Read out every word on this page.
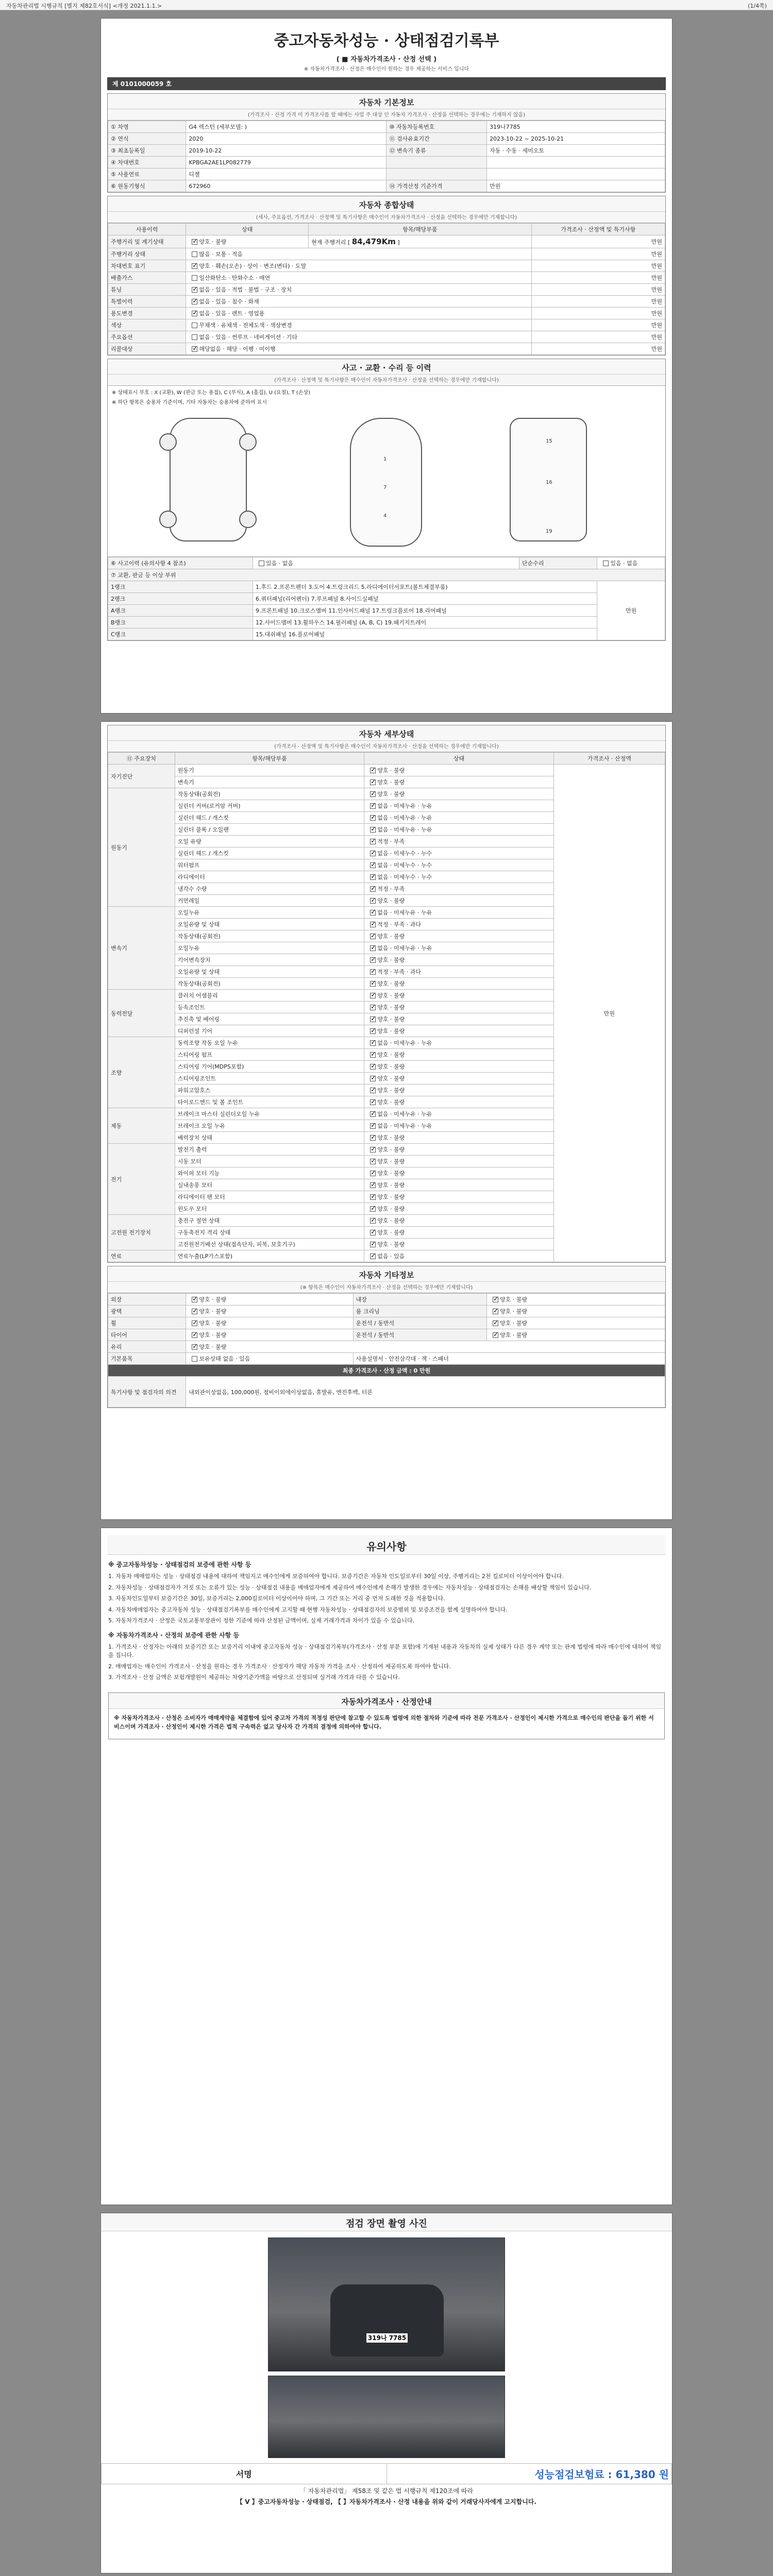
자동차관리법 시행규칙 [별지 제82호서식] <개정 2021.1.1.>	(1/4쪽)
중고자동차성능 · 상태점검기록부
( ■ 자동차가격조사 · 산정 선택 )
※ 자동차가격조사 · 산정은 매수인이 원하는 경우 제공하는 서비스 입니다
제 0101000059 호
자동차 기본정보
(가격조사 · 산정 가격 미 가격조사를 할 때에는 사업 주 대상 인 자동차 가격조사 · 산정을 선택하는 경우에는 기재하지 않음)
① 차명	G4 렉스턴 (세부모델: )	⑩ 자동차등록번호	319나7785
② 연식	2020	⑪ 검사유효기간	2023-10-22 ~ 2025-10-21
③ 최초등록일	2019-10-22	⑫ 변속기 종류	자동 · 수동 · 세미오토
④ 차대번호	KPBGA2AE1LP082779		
⑤ 사용연료	디젤		
⑥ 원동기형식	672960	⑭ 가격산정 기준가격	만원
자동차 종합상태
(세사, 주요옵션, 가격조사 · 산정액 및 특기사항은 매수인이 자동차가격조사 · 산정을 선택하는 경우에만 기재합니다)
사용이력	상태	항목/해당부품	가격조사 · 산정액 및 특기사항
주행거리 및 계기상태	✓양호 · 불량	현재 주행거리 [ 84,479Km ]	만원
주행거리 상태	많음 · 보통 · 적음		만원
차대번호 표기	✓양호 · 훼손(오손) · 상이 · 변조(변타) · 도말		만원
배출가스	일산화탄소 · 탄화수소 · 매연		만원
튜닝	✓없음 · 있음 · 적법 · 불법 · 구조 · 장치		만원
특별이력	✓없음 · 있음 · 침수 · 화재		만원
용도변경	✓없음 · 있음 · 렌트 · 영업용		만원
색상	무채색 · 유채색 · 전체도색 · 색상변경		만원
주요옵션	없음 · 있음 · 썬루프 · 네비게이션 · 기타		만원
리콜대상	✓해당없음 · 해당 · 이행 · 미이행		만원
사고 · 교환 · 수리 등 이력
(가격조사 · 산정액 및 특기사항은 매수인이 자동차가격조사 · 산정을 선택하는 경우에만 기재합니다)
※ 상태표시 부호 : X (교환), W (판금 또는 용접), C (부식), A (흠집), U (요철), T (손상)
※ 하단 항목은 승용차 기준이며, 기타 자동차는 승용차에 준하여 표시
1
7
4
16
15
19
⑥ 사고이력 (유의사항 4 참조)	있음 · 없음	단순수리	있음 · 없음
⑦ 교환, 판금 등 이상 부위			
1랭크	1.후드 2.프론트펜더 3.도어 4.트렁크리드 5.라디에이터서포트(볼트체결부품)		만원
2랭크	6.쿼터패널(리어펜더) 7.루프패널 8.사이드실패널		
A랭크	9.프론트패널 10.크로스멤버 11.인사이드패널 17.트렁크플로어 18.리어패널		
B랭크	12.사이드멤버 13.휠하우스 14.필러패널 (A, B, C) 19.패키지트레이		
C랭크	15.대쉬패널 16.플로어패널		
자동차 세부상태
(가격조사 · 산정액 및 특기사항은 매수인이 자동차가격조사 · 산정을 선택하는 경우에만 기재합니다)
⑪ 주요장치	항목/해당부품	상태	가격조사 · 산정액
자기진단	원동기	✓양호 · 불량	만원
	변속기	✓양호 · 불량
원동기	작동상태(공회전)	✓양호 · 불량
	실린더 커버(로커암 커버)	✓없음 · 미세누유 · 누유
	실린더 헤드 / 개스킷	✓없음 · 미세누유 · 누유
	실린더 블록 / 오일팬	✓없음 · 미세누유 · 누유
	오일 유량	✓적정 · 부족
	실린더 헤드 / 개스킷	✓없음 · 미세누수 · 누수
	워터펌프	✓없음 · 미세누수 · 누수
	라디에이터	✓없음 · 미세누수 · 누수
	냉각수 수량	✓적정 · 부족
	커먼레일	✓양호 · 불량
변속기	오일누유	✓없음 · 미세누유 · 누유
	오일유량 및 상태	✓적정 · 부족 · 과다
	작동상태(공회전)	✓양호 · 불량
	오일누유	✓없음 · 미세누유 · 누유
	기어변속장치	✓양호 · 불량
	오일유량 및 상태	✓적정 · 부족 · 과다
	작동상태(공회전)	✓양호 · 불량
동력전달	클러치 어셈블리	✓양호 · 불량
	등속조인트	✓양호 · 불량
	추진축 및 베어링	✓양호 · 불량
	디퍼런셜 기어	✓양호 · 불량
조향	동력조향 작동 오일 누유	✓없음 · 미세누유 · 누유
	스티어링 펌프	✓양호 · 불량
	스티어링 기어(MDPS포함)	✓양호 · 불량
	스티어링조인트	✓양호 · 불량
	파워고압호스	✓양호 · 불량
	타이로드엔드 및 볼 조인트	✓양호 · 불량
제동	브레이크 마스터 실린더오일 누유	✓없음 · 미세누유 · 누유
	브레이크 오일 누유	✓없음 · 미세누유 · 누유
	배력장치 상태	✓양호 · 불량
전기	발전기 출력	✓양호 · 불량
	시동 모터	✓양호 · 불량
	와이퍼 모터 기능	✓양호 · 불량
	실내송풍 모터	✓양호 · 불량
	라디에이터 팬 모터	✓양호 · 불량
	윈도우 모터	✓양호 · 불량
고전원 전기장치	충전구 절연 상태	✓양호 · 불량
	구동축전지 격리 상태	✓양호 · 불량
	고전원전기배선 상태(접속단자, 피복, 보호기구)	✓양호 · 불량
연료	연료누출(LP가스포함)	✓없음 · 있음
자동차 기타정보
(※ 항목은 매수인이 자동차가격조사 · 산정을 선택하는 경우에만 기재합니다)
외장	✓양호 · 불량	내장	✓양호 · 불량
광택	✓양호 · 불량	룸 크리닝	✓양호 · 불량
휠	✓양호 · 불량	운전석 / 동반석	✓양호 · 불량
타이어	✓양호 · 불량	운전석 / 동반석	✓양호 · 불량
유리	✓양호 · 불량
기본품목	보유상태 없음 · 있음	사용설명서 · 안전삼각대 · 잭 · 스패너	
최종 가격조사 · 산정 금액 : 0 만원			
특기사항 및 점검자의 의견	내외관이상없음, 100,000원, 점비이외에이상없음, 휴발유, 엔진후백, 터론		
유의사항
※ 중고자동차성능 · 상태점검의 보증에 관한 사항 등

1. 자동차 매매업자는 성능 · 상태점검 내용에 대하여 책임지고 매수인에게 보증하여야 합니다. 보증기간은 자동차 인도일로부터 30일 이상, 주행거리는 2천 킬로미터 이상이어야 합니다.

2. 자동차성능 · 상태점검자가 거짓 또는 오류가 있는 성능 · 상태점검 내용을 매매업자에게 제공하여 매수인에게 손해가 발생한 경우에는 자동차성능 · 상태점검자는 손해를 배상할 책임이 있습니다.

3. 자동차인도일부터 보증기간은 30일, 보증거리는 2,000킬로미터 이상이어야 하며, 그 기간 또는 거리 중 먼저 도래한 것을 적용합니다.

4. 자동차매매업자는 중고자동차 성능 · 상태점검기록부를 매수인에게 고지할 때 현행 자동차성능 · 상태점검자의 보증범위 및 보증조건을 함께 설명하여야 합니다.

5. 자동차가격조사 · 산정은 국토교통부장관이 정한 기준에 따라 산정된 금액이며, 실제 거래가격과 차이가 있을 수 있습니다.

※ 자동차가격조사 · 산정의 보증에 관한 사항 등

1. 가격조사 · 산정자는 아래의 보증기간 또는 보증거리 이내에 중고자동차 성능 · 상태점검기록부(가격조사 · 산정 부분 포함)에 기재된 내용과 자동차의 실제 상태가 다른 경우 계약 또는 관계 법령에 따라 매수인에 대하여 책임을 집니다.

2. 매매업자는 매수인이 가격조사 · 산정을 원하는 경우 가격조사 · 산정자가 해당 자동차 가격을 조사 · 산정하여 제공하도록 하여야 합니다.

3. 가격조사 · 산정 금액은 보험개발원이 제공하는 차량기준가액을 바탕으로 산정되며 실거래 가격과 다를 수 있습니다.

자동차가격조사 · 산정안내

※ 자동차가격조사 · 산정은 소비자가 매매계약을 체결함에 있어 중고차 가격의 적정성 판단에 참고할 수 있도록 법령에 의한 절차와 기준에 따라 전문 가격조사 · 산정인이 제시한 가격으로 매수인의 판단을 돕기 위한 서비스이며 가격조사 · 산정인이 제시한 가격은 법적 구속력은 없고 당사자 간 가격의 결정에 의하여야 합니다.

점검 장면 촬영 사진
319나 7785
서명	성능점검보험료 : 61,380 원
「 자동차관리법」 제58조 및 같은 법 시행규칙 제120조에 따라
【 V 】중고자동차성능 · 상태점검, 【 】자동차가격조사 · 산정 내용을 위와 같이 거래당사자에게 고지합니다.
